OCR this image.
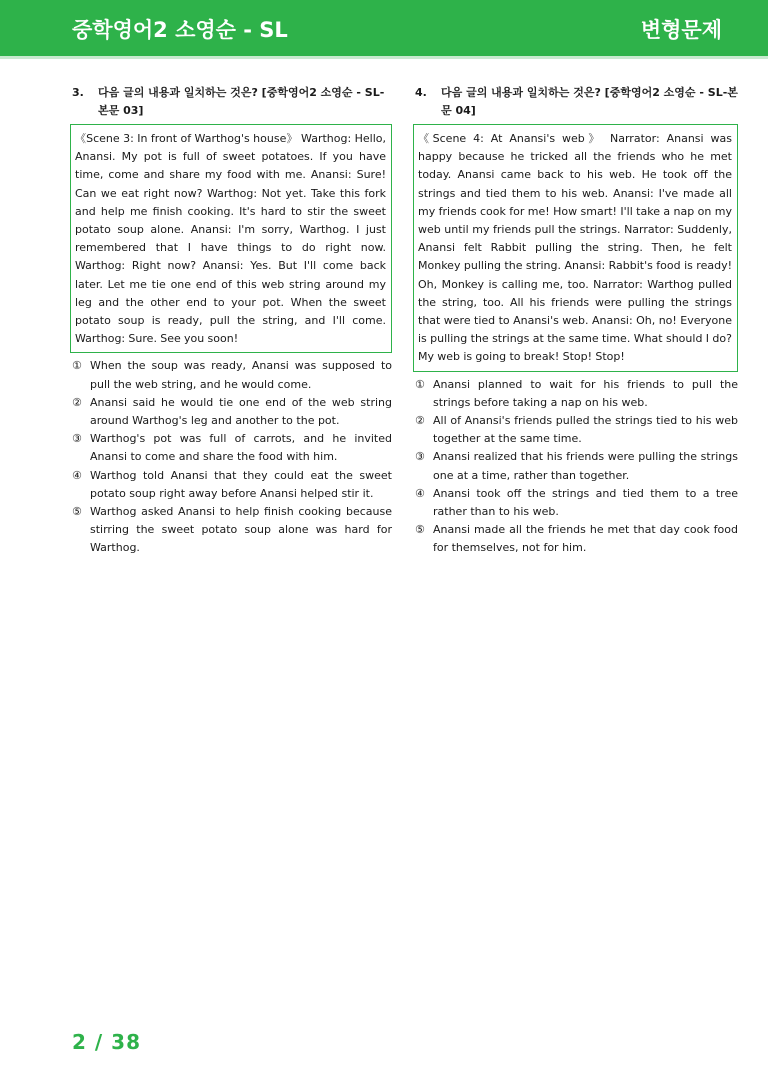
중학영어2 소영순 - SL	변형문제
3.	다음 글의 내용과 일치하는 것은? [중학영어2 소영순 - SL-본문 03]
《Scene 3: In front of Warthog's house》 Warthog: Hello, Anansi. My pot is full of sweet potatoes. If you have time, come and share my food with me. Anansi: Sure! Can we eat right now? Warthog: Not yet. Take this fork and help me finish cooking. It's hard to stir the sweet potato soup alone. Anansi: I'm sorry, Warthog. I just remembered that I have things to do right now. Warthog: Right now? Anansi: Yes. But I'll come back later. Let me tie one end of this web string around my leg and the other end to your pot. When the sweet potato soup is ready, pull the string, and I'll come. Warthog: Sure. See you soon!
① When the soup was ready, Anansi was supposed to pull the web string, and he would come.
② Anansi said he would tie one end of the web string around Warthog's leg and another to the pot.
③ Warthog's pot was full of carrots, and he invited Anansi to come and share the food with him.
④ Warthog told Anansi that they could eat the sweet potato soup right away before Anansi helped stir it.
⑤ Warthog asked Anansi to help finish cooking because stirring the sweet potato soup alone was hard for Warthog.
4.	다음 글의 내용과 일치하는 것은? [중학영어2 소영순 - SL-본문 04]
《Scene 4: At Anansi's web》 Narrator: Anansi was happy because he tricked all the friends who he met today. Anansi came back to his web. He took off the strings and tied them to his web. Anansi: I've made all my friends cook for me! How smart! I'll take a nap on my web until my friends pull the strings. Narrator: Suddenly, Anansi felt Rabbit pulling the string. Then, he felt Monkey pulling the string. Anansi: Rabbit's food is ready! Oh, Monkey is calling me, too. Narrator: Warthog pulled the string, too. All his friends were pulling the strings that were tied to Anansi's web. Anansi: Oh, no! Everyone is pulling the strings at the same time. What should I do? My web is going to break! Stop! Stop!
① Anansi planned to wait for his friends to pull the strings before taking a nap on his web.
② All of Anansi's friends pulled the strings tied to his web together at the same time.
③ Anansi realized that his friends were pulling the strings one at a time, rather than together.
④ Anansi took off the strings and tied them to a tree rather than to his web.
⑤ Anansi made all the friends he met that day cook food for themselves, not for him.
2 / 38
